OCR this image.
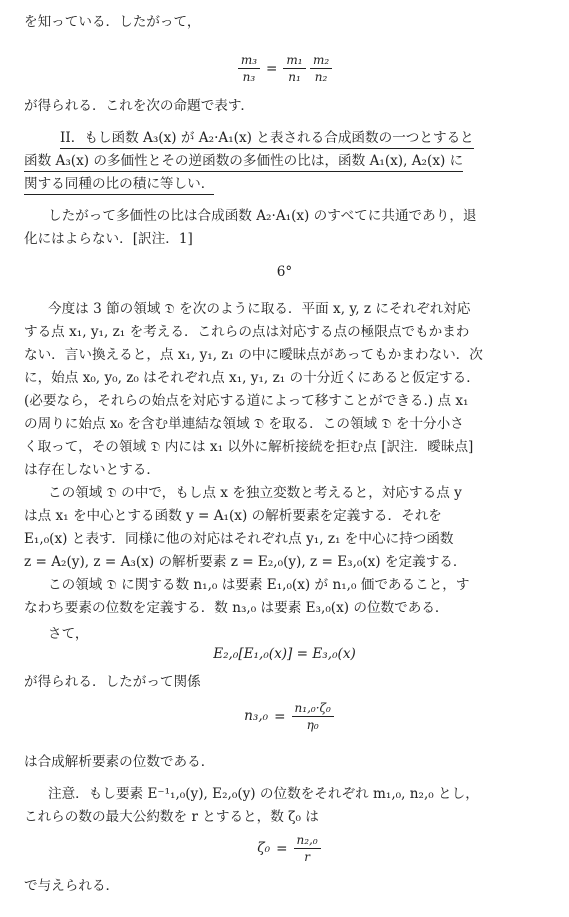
を知っている．したがって，
$\frac{\text{m₃}}{\text{n₃}} = \frac{\text{m₁}}{\text{n₁}}$
$\frac{\text{m₂}}{\text{n₂}}$
が得られる．これを次の命題で表す．
II．もし函数 A₃(x) が A₂·A₁(x) と表される合成函数の一つとすると
函数 A₃(x) の多価性とその逆函数の多価性の比は，函数 A₁(x), A₂(x) に
関する同種の比の積に等しい．
したがって多価性の比は合成函数 A₂·A₁(x) のすべてに共通であり，退
化にはよらない．[訳注．1]
6°
今度は 3 節の領域 𝔇 を次のように取る．平面 x, y, z にそれぞれ対応
する点 x₁, y₁, z₁ を考える．これらの点は対応する点の極限点でもかまわ
ない．言い換えると，点 x₁, y₁, z₁ の中に曖昧点があってもかまわない．次
に，始点 x₀, y₀, z₀ はそれぞれ点 x₁, y₁, z₁ の十分近くにあると仮定する．
(必要なら，それらの始点を対応する道によって移すことができる.) 点 x₁
の周りに始点 x₀ を含む単連結な領域 𝔇 を取る．この領域 𝔇 を十分小さ
く取って，その領域 𝔇 内には x₁ 以外に解析接続を拒む点 [訳注．曖昧点]
は存在しないとする．
この領域 𝔇 の中で，もし点 x を独立変数と考えると，対応する点 y
は点 x₁ を中心とする函数 y = A₁(x) の解析要素を定義する．それを
E₁,₀(x) と表す．同様に他の対応はそれぞれ点 y₁, z₁ を中心に持つ函数
z = A₂(y), z = A₃(x) の解析要素 z = E₂,₀(y), z = E₃,₀(x) を定義する．
この領域 𝔇 に関する数 n₁,₀ は要素 E₁,₀(x) が n₁,₀ 価であること，す
なわち要素の位数を定義する．数 n₃,₀ は要素 E₃,₀(x) の位数である．
さて，
E₂,₀[E₁,₀(x)] = E₃,₀(x)
が得られる．したがって関係
$n_3,_0 = \frac{\text{n₁,₀·ζ₀}}{\text{η₀}}$
は合成解析要素の位数である．
注意．もし要素 E⁻¹₁,₀(y), E₂,₀(y) の位数をそれぞれ m₁,₀, n₂,₀ とし，
これらの数の最大公約数を r とすると，数 ζ₀ は
$\zeta_0 = \frac{\text{n₂,₀}}{r}$
で与えられる．
